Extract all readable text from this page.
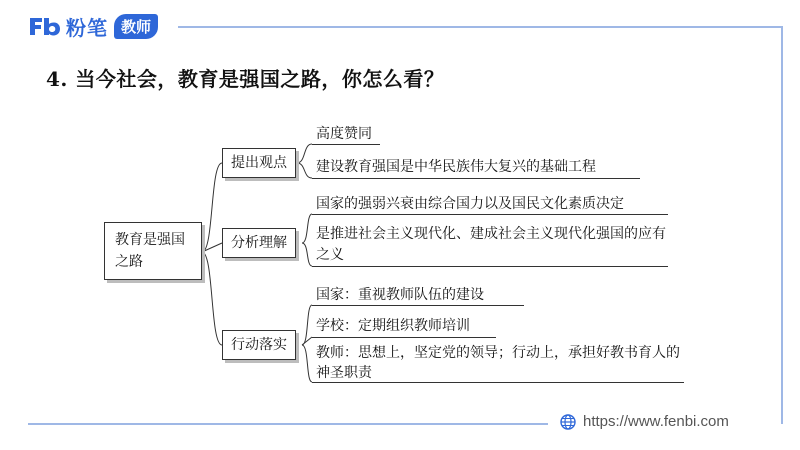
粉笔 教师
4. 当今社会，教育是强国之路，你怎么看？
教育是强国之路
提出观点
分析理解
行动落实
高度赞同
建设教育强国是中华民族伟大复兴的基础工程
国家的强弱兴衰由综合国力以及国民文化素质决定
是推进社会主义现代化、建成社会主义现代化强国的应有之义
国家：重视教师队伍的建设
学校：定期组织教师培训
教师：思想上，坚定党的领导；行动上，承担好教书育人的神圣职责
https://www.fenbi.com
